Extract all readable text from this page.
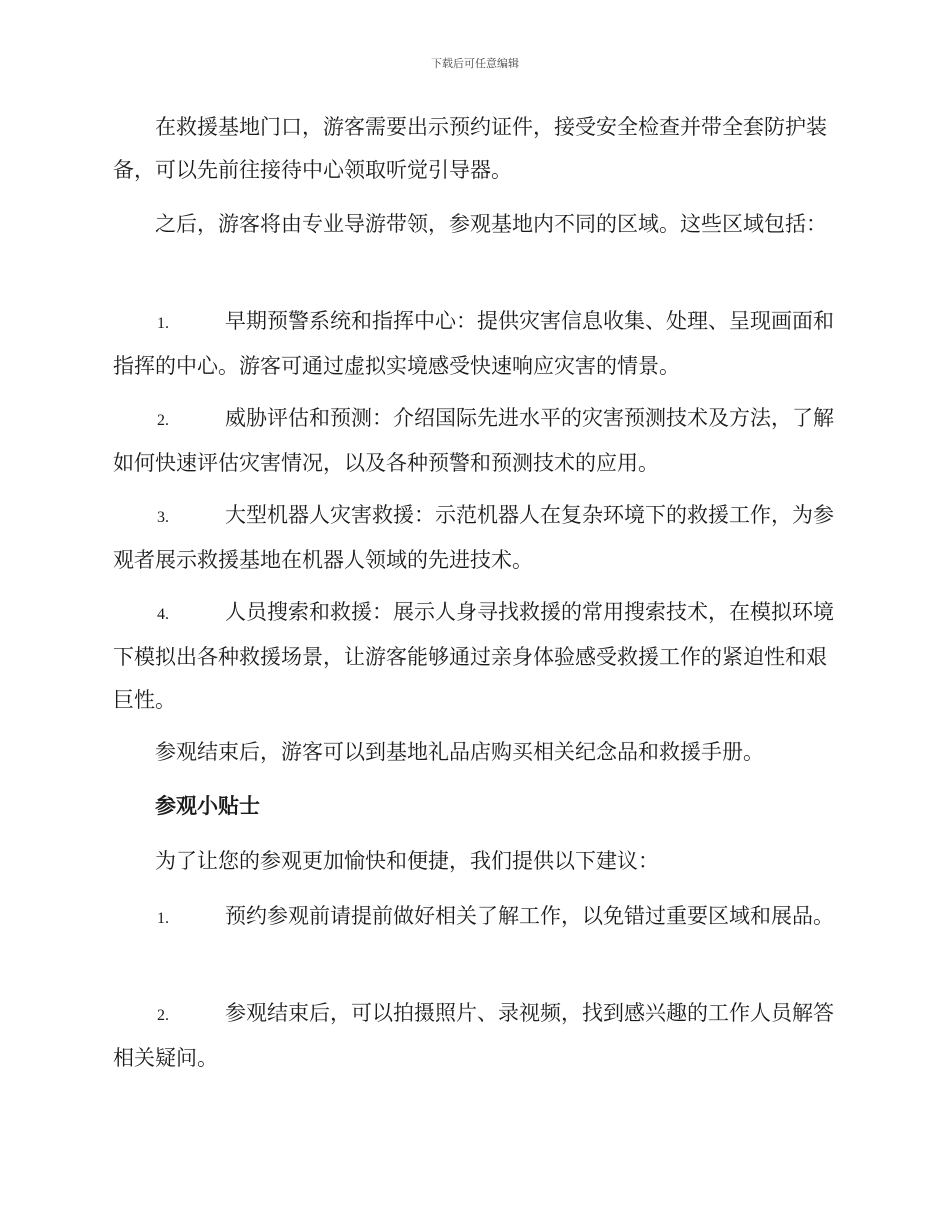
下载后可任意编辑

在救援基地门口，游客需要出示预约证件，接受安全检查并带全套防护装备，可以先前往接待中心领取听觉引导器。

之后，游客将由专业导游带领，参观基地内不同的区域。这些区域包括：

1.	早期预警系统和指挥中心：提供灾害信息收集、处理、呈现画面和指挥的中心。游客可通过虚拟实境感受快速响应灾害的情景。
2.	威胁评估和预测：介绍国际先进水平的灾害预测技术及方法，了解如何快速评估灾害情况，以及各种预警和预测技术的应用。
3.	大型机器人灾害救援：示范机器人在复杂环境下的救援工作，为参观者展示救援基地在机器人领域的先进技术。
4.	人员搜索和救援：展示人身寻找救援的常用搜索技术，在模拟环境下模拟出各种救援场景，让游客能够通过亲身体验感受救援工作的紧迫性和艰巨性。

参观结束后，游客可以到基地礼品店购买相关纪念品和救援手册。

参观小贴士

为了让您的参观更加愉快和便捷，我们提供以下建议：

1.	预约参观前请提前做好相关了解工作，以免错过重要区域和展品。
2.	参观结束后，可以拍摄照片、录视频，找到感兴趣的工作人员解答相关疑问。
